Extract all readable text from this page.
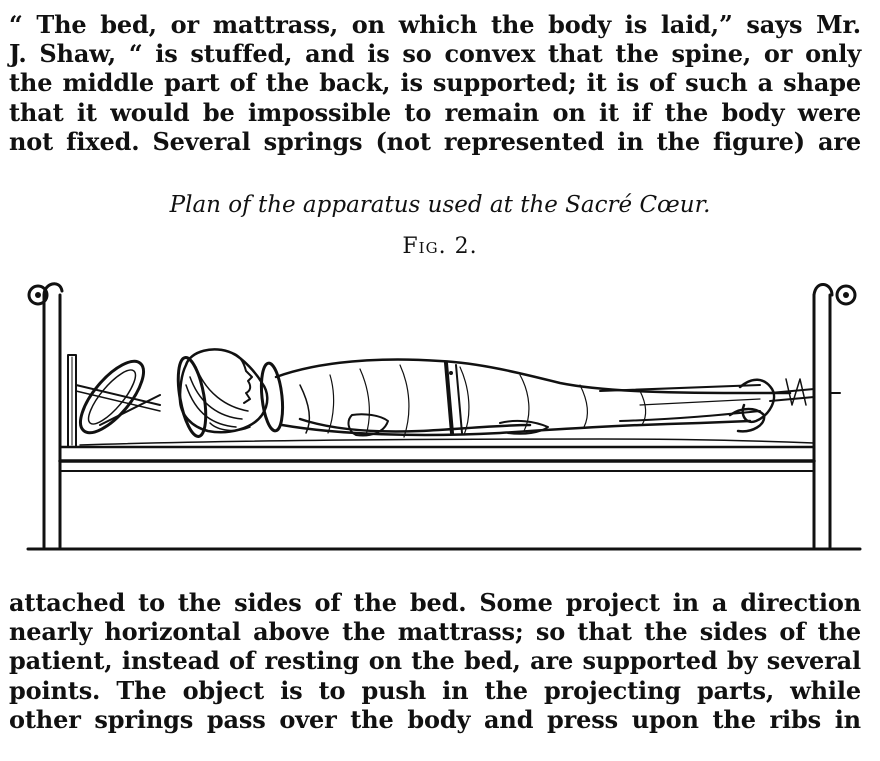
“ The bed, or mattrass, on which the body is laid,” says Mr.
J. Shaw, “ is stuffed, and is so convex that the spine, or only
the middle part of the back, is supported; it is of such a shape
that it would be impossible to remain on it if the body were
not fixed. Several springs (not represented in the figure) are

Plan of the apparatus used at the Sacré Cœur.
Fig. 2.

attached to the sides of the bed. Some project in a direction
nearly horizontal above the mattrass; so that the sides of the
patient, instead of resting on the bed, are supported by several
points. The object is to push in the projecting parts, while
other springs pass over the body and press upon the ribs in
